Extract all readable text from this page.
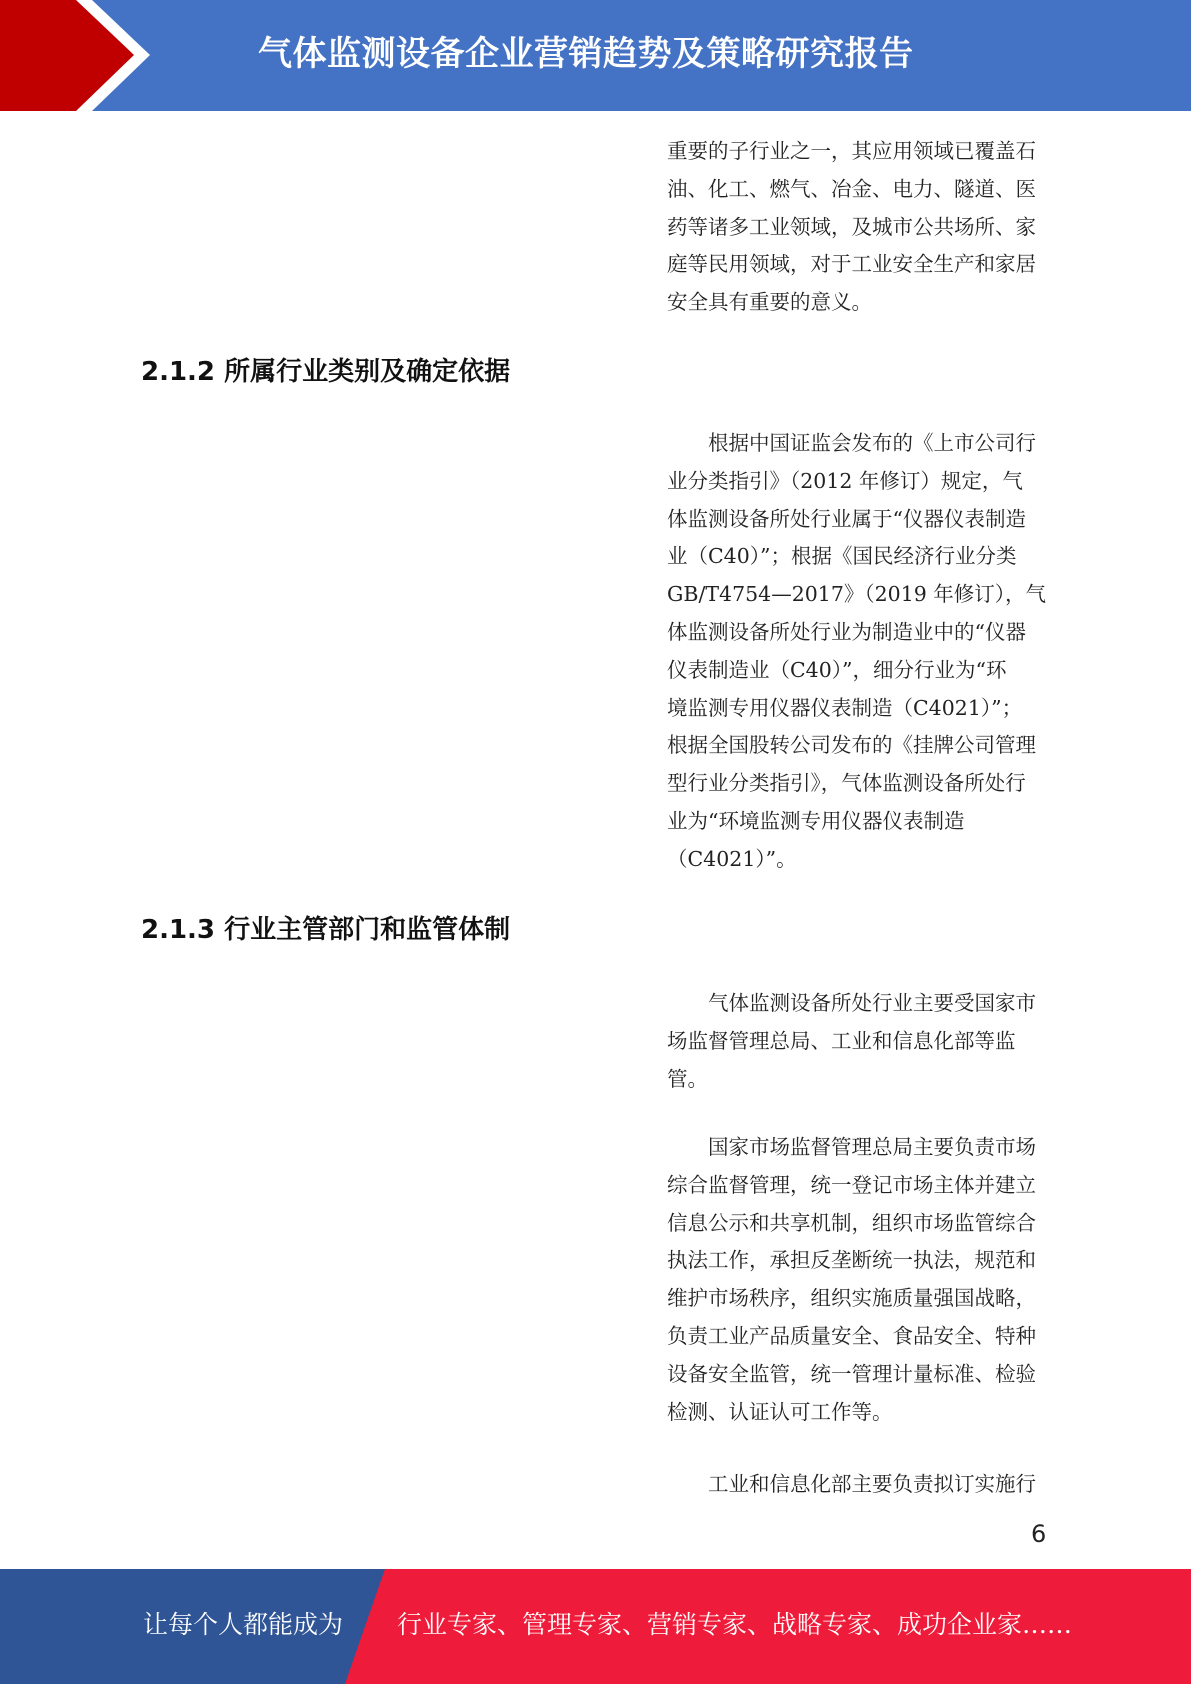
气体监测设备企业营销趋势及策略研究报告
重要的子行业之一，其应用领域已覆盖石
油、化工、燃气、冶金、电力、隧道、医
药等诸多工业领域，及城市公共场所、家
庭等民用领域，对于工业安全生产和家居
安全具有重要的意义。
2.1.2 所属行业类别及确定依据
　　根据中国证监会发布的《上市公司行
业分类指引》（2012 年修订）规定，气
体监测设备所处行业属于“仪器仪表制造
业（C40）”；根据《国民经济行业分类
GB/T4754—2017》（2019 年修订），气
体监测设备所处行业为制造业中的“仪器
仪表制造业（C40）”，细分行业为“环
境监测专用仪器仪表制造（C4021）”；
根据全国股转公司发布的《挂牌公司管理
型行业分类指引》，气体监测设备所处行
业为“环境监测专用仪器仪表制造
（C4021）”。
2.1.3 行业主管部门和监管体制
　　气体监测设备所处行业主要受国家市
场监督管理总局、工业和信息化部等监
管。
　　国家市场监督管理总局主要负责市场
综合监督管理，统一登记市场主体并建立
信息公示和共享机制，组织市场监管综合
执法工作，承担反垄断统一执法，规范和
维护市场秩序，组织实施质量强国战略，
负责工业产品质量安全、食品安全、特种
设备安全监管，统一管理计量标准、检验
检测、认证认可工作等。
　　工业和信息化部主要负责拟订实施行
6
让每个人都能成为 行业专家、管理专家、营销专家、战略专家、成功企业家……
